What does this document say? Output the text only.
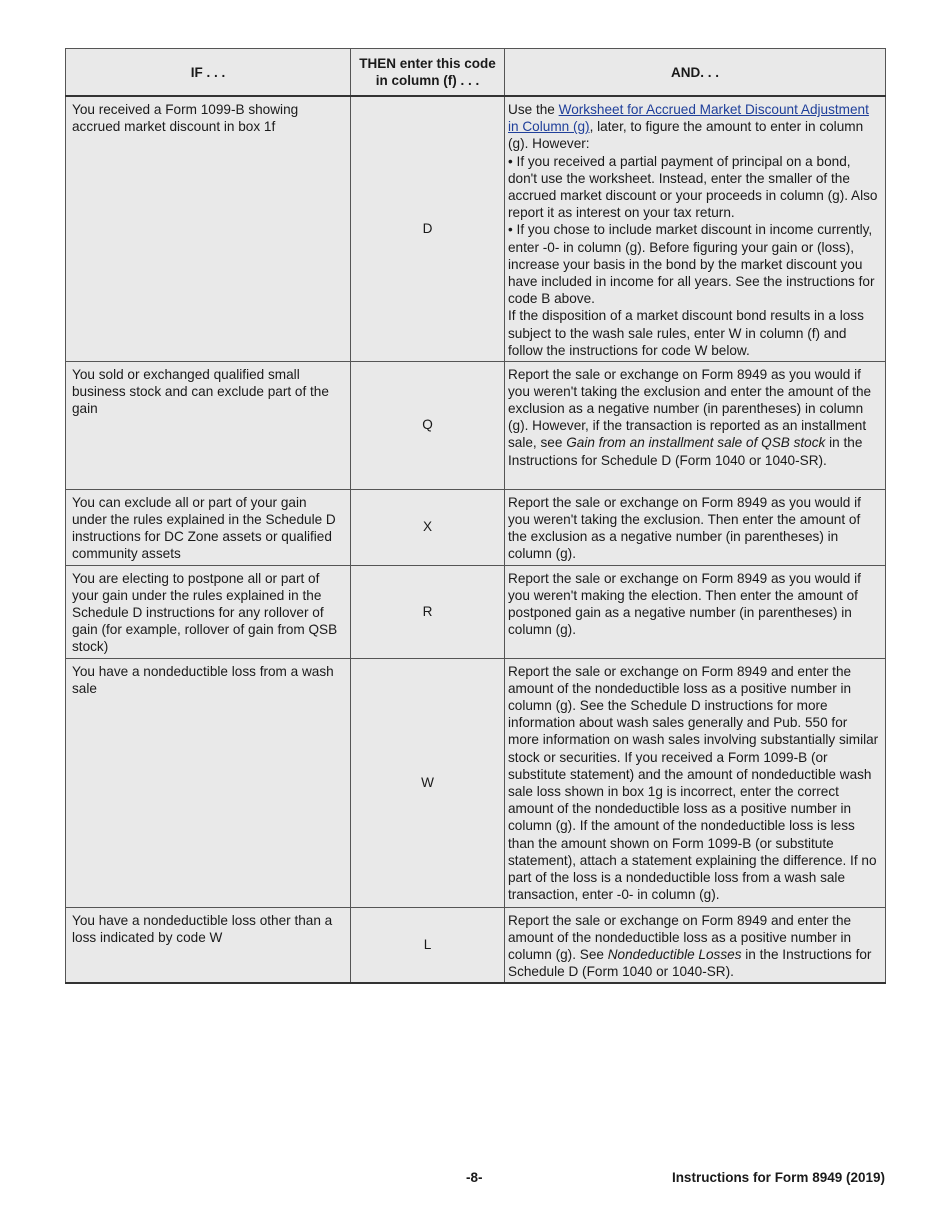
IF . . .	THEN enter this code
in column (f) . . .	AND. . .
You received a Form 1099-B showing accrued market discount in box 1f	D	Use the Worksheet for Accrued Market Discount Adjustment in Column (g), later, to figure the amount to enter in column (g). However:
• If you received a partial payment of principal on a bond, don't use the worksheet. Instead, enter the smaller of the accrued market discount or your proceeds in column (g). Also report it as interest on your tax return.
• If you chose to include market discount in income currently, enter -0- in column (g). Before figuring your gain or (loss), increase your basis in the bond by the market discount you have included in income for all years. See the instructions for code B above.
If the disposition of a market discount bond results in a loss subject to the wash sale rules, enter W in column (f) and follow the instructions for code W below.

You sold or exchanged qualified small business stock and can exclude part of the gain	Q	Report the sale or exchange on Form 8949 as you would if you weren't taking the exclusion and enter the amount of the exclusion as a negative number (in parentheses) in column (g). However, if the transaction is reported as an installment sale, see Gain from an installment sale of QSB stock in the Instructions for Schedule D (Form 1040 or 1040-SR).
You can exclude all or part of your gain under the rules explained in the Schedule D instructions for DC Zone assets or qualified community assets	X	Report the sale or exchange on Form 8949 as you would if you weren't taking the exclusion. Then enter the amount of the exclusion as a negative number (in parentheses) in column (g).
You are electing to postpone all or part of your gain under the rules explained in the Schedule D instructions for any rollover of gain (for example, rollover of gain from QSB stock)	R	Report the sale or exchange on Form 8949 as you would if you weren't making the election. Then enter the amount of postponed gain as a negative number (in parentheses) in column (g).
You have a nondeductible loss from a wash sale	W	Report the sale or exchange on Form 8949 and enter the amount of the nondeductible loss as a positive number in column (g). See the Schedule D instructions for more information about wash sales generally and Pub. 550 for more information on wash sales involving substantially similar stock or securities. If you received a Form 1099-B (or substitute statement) and the amount of nondeductible wash sale loss shown in box 1g is incorrect, enter the correct amount of the nondeductible loss as a positive number in column (g). If the amount of the nondeductible loss is less than the amount shown on Form 1099-B (or substitute statement), attach a statement explaining the difference. If no part of the loss is a nondeductible loss from a wash sale transaction, enter -0- in column (g).
You have a nondeductible loss other than a loss indicated by code W	L	Report the sale or exchange on Form 8949 and enter the amount of the nondeductible loss as a positive number in column (g). See Nondeductible Losses in the Instructions for Schedule D (Form 1040 or 1040-SR).
-8-	Instructions for Form 8949 (2019)
